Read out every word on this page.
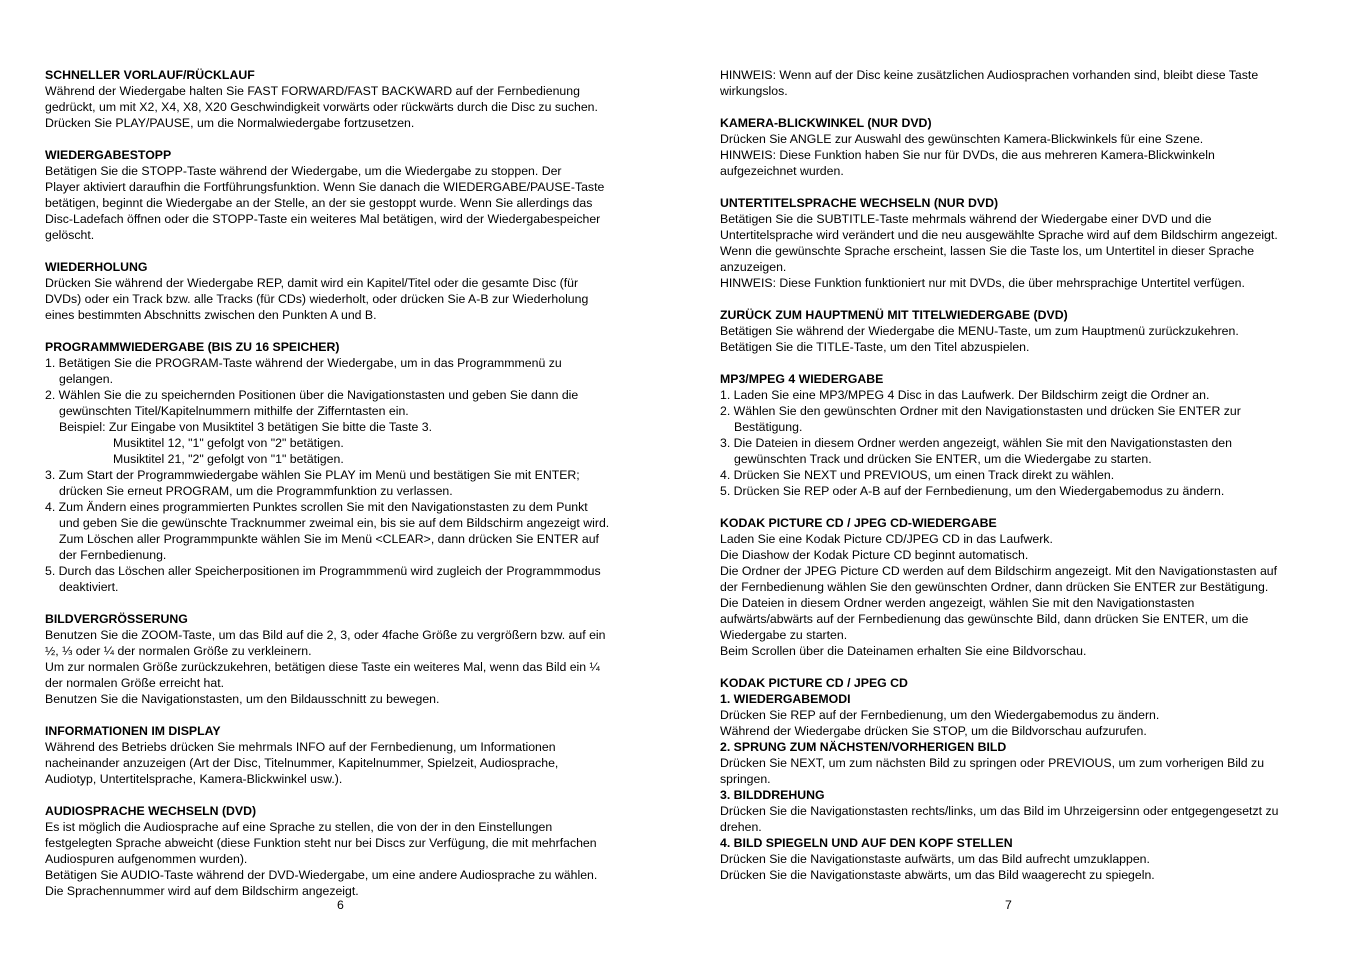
SCHNELLER VORLAUF/RÜCKLAUF
Während der Wiedergabe halten Sie FAST FORWARD/FAST BACKWARD auf der Fernbedienung
gedrückt, um mit X2, X4, X8, X20 Geschwindigkeit vorwärts oder rückwärts durch die Disc zu suchen.
Drücken Sie PLAY/PAUSE, um die Normalwiedergabe fortzusetzen.
WIEDERGABESTOPP
Betätigen Sie die STOPP-Taste während der Wiedergabe, um die Wiedergabe zu stoppen. Der
Player aktiviert daraufhin die Fortführungsfunktion. Wenn Sie danach die WIEDERGABE/PAUSE-Taste
betätigen, beginnt die Wiedergabe an der Stelle, an der sie gestoppt wurde. Wenn Sie allerdings das
Disc-Ladefach öffnen oder die STOPP-Taste ein weiteres Mal betätigen, wird der Wiedergabespeicher
gelöscht.
WIEDERHOLUNG
Drücken Sie während der Wiedergabe REP, damit wird ein Kapitel/Titel oder die gesamte Disc (für
DVDs) oder ein Track bzw. alle Tracks (für CDs) wiederholt, oder drücken Sie A-B zur Wiederholung
eines bestimmten Abschnitts zwischen den Punkten A und B.
PROGRAMMWIEDERGABE (BIS ZU 16 SPEICHER)
1. Betätigen Sie die PROGRAM-Taste während der Wiedergabe, um in das Programmmenü zu
gelangen.
2. Wählen Sie die zu speichernden Positionen über die Navigationstasten und geben Sie dann die
gewünschten Titel/Kapitelnummern mithilfe der Zifferntasten ein.
Beispiel: Zur Eingabe von Musiktitel 3 betätigen Sie bitte die Taste 3.
Musiktitel 12, "1" gefolgt von "2" betätigen.
Musiktitel 21, "2" gefolgt von "1" betätigen.
3. Zum Start der Programmwiedergabe wählen Sie PLAY im Menü und bestätigen Sie mit ENTER;
drücken Sie erneut PROGRAM, um die Programmfunktion zu verlassen.
4. Zum Ändern eines programmierten Punktes scrollen Sie mit den Navigationstasten zu dem Punkt
und geben Sie die gewünschte Tracknummer zweimal ein, bis sie auf dem Bildschirm angezeigt wird.
Zum Löschen aller Programmpunkte wählen Sie im Menü <CLEAR>, dann drücken Sie ENTER auf
der Fernbedienung.
5. Durch das Löschen aller Speicherpositionen im Programmmenü wird zugleich der Programmmodus
deaktiviert.
BILDVERGRÖSSERUNG
Benutzen Sie die ZOOM-Taste, um das Bild auf die 2, 3, oder 4fache Größe zu vergrößern bzw. auf ein
½, ⅓ oder ¼ der normalen Größe zu verkleinern.
Um zur normalen Größe zurückzukehren, betätigen diese Taste ein weiteres Mal, wenn das Bild ein ¼
der normalen Größe erreicht hat.
Benutzen Sie die Navigationstasten, um den Bildausschnitt zu bewegen.
INFORMATIONEN IM DISPLAY
Während des Betriebs drücken Sie mehrmals INFO auf der Fernbedienung, um Informationen
nacheinander anzuzeigen (Art der Disc, Titelnummer, Kapitelnummer, Spielzeit, Audiosprache,
Audiotyp, Untertitelsprache, Kamera-Blickwinkel usw.).
AUDIOSPRACHE WECHSELN (DVD)
Es ist möglich die Audiosprache auf eine Sprache zu stellen, die von der in den Einstellungen
festgelegten Sprache abweicht (diese Funktion steht nur bei Discs zur Verfügung, die mit mehrfachen
Audiospuren aufgenommen wurden).
Betätigen Sie AUDIO-Taste während der DVD-Wiedergabe, um eine andere Audiosprache zu wählen.
Die Sprachennummer wird auf dem Bildschirm angezeigt.
HINWEIS: Wenn auf der Disc keine zusätzlichen Audiosprachen vorhanden sind, bleibt diese Taste
wirkungslos.
KAMERA-BLICKWINKEL (NUR DVD)
Drücken Sie ANGLE zur Auswahl des gewünschten Kamera-Blickwinkels für eine Szene.
HINWEIS: Diese Funktion haben Sie nur für DVDs, die aus mehreren Kamera-Blickwinkeln
aufgezeichnet wurden.
UNTERTITELSPRACHE WECHSELN (NUR DVD)
Betätigen Sie die SUBTITLE-Taste mehrmals während der Wiedergabe einer DVD und die
Untertitelsprache wird verändert und die neu ausgewählte Sprache wird auf dem Bildschirm angezeigt.
Wenn die gewünschte Sprache erscheint, lassen Sie die Taste los, um Untertitel in dieser Sprache
anzuzeigen.
HINWEIS: Diese Funktion funktioniert nur mit DVDs, die über mehrsprachige Untertitel verfügen.
ZURÜCK ZUM HAUPTMENÜ MIT TITELWIEDERGABE (DVD)
Betätigen Sie während der Wiedergabe die MENU-Taste, um zum Hauptmenü zurückzukehren.
Betätigen Sie die TITLE-Taste, um den Titel abzuspielen.
MP3/MPEG 4 WIEDERGABE
1. Laden Sie eine MP3/MPEG 4 Disc in das Laufwerk. Der Bildschirm zeigt die Ordner an.
2. Wählen Sie den gewünschten Ordner mit den Navigationstasten und drücken Sie ENTER zur
Bestätigung.
3. Die Dateien in diesem Ordner werden angezeigt, wählen Sie mit den Navigationstasten den
gewünschten Track und drücken Sie ENTER, um die Wiedergabe zu starten.
4. Drücken Sie NEXT und PREVIOUS, um einen Track direkt zu wählen.
5. Drücken Sie REP oder A-B auf der Fernbedienung, um den Wiedergabemodus zu ändern.
KODAK PICTURE CD / JPEG CD-WIEDERGABE
Laden Sie eine Kodak Picture CD/JPEG CD in das Laufwerk.
Die Diashow der Kodak Picture CD beginnt automatisch.
Die Ordner der JPEG Picture CD werden auf dem Bildschirm angezeigt. Mit den Navigationstasten auf
der Fernbedienung wählen Sie den gewünschten Ordner, dann drücken Sie ENTER zur Bestätigung.
Die Dateien in diesem Ordner werden angezeigt, wählen Sie mit den Navigationstasten
aufwärts/abwärts auf der Fernbedienung das gewünschte Bild, dann drücken Sie ENTER, um die
Wiedergabe zu starten.
Beim Scrollen über die Dateinamen erhalten Sie eine Bildvorschau.
KODAK PICTURE CD / JPEG CD
1. WIEDERGABEMODI
Drücken Sie REP auf der Fernbedienung, um den Wiedergabemodus zu ändern.
Während der Wiedergabe drücken Sie STOP, um die Bildvorschau aufzurufen.
2. SPRUNG ZUM NÄCHSTEN/VORHERIGEN BILD
Drücken Sie NEXT, um zum nächsten Bild zu springen oder PREVIOUS, um zum vorherigen Bild zu
springen.
3. BILDDREHUNG
Drücken Sie die Navigationstasten rechts/links, um das Bild im Uhrzeigersinn oder entgegengesetzt zu
drehen.
4. BILD SPIEGELN UND AUF DEN KOPF STELLEN
Drücken Sie die Navigationstaste aufwärts, um das Bild aufrecht umzuklappen.
Drücken Sie die Navigationstaste abwärts, um das Bild waagerecht zu spiegeln.
6	7
